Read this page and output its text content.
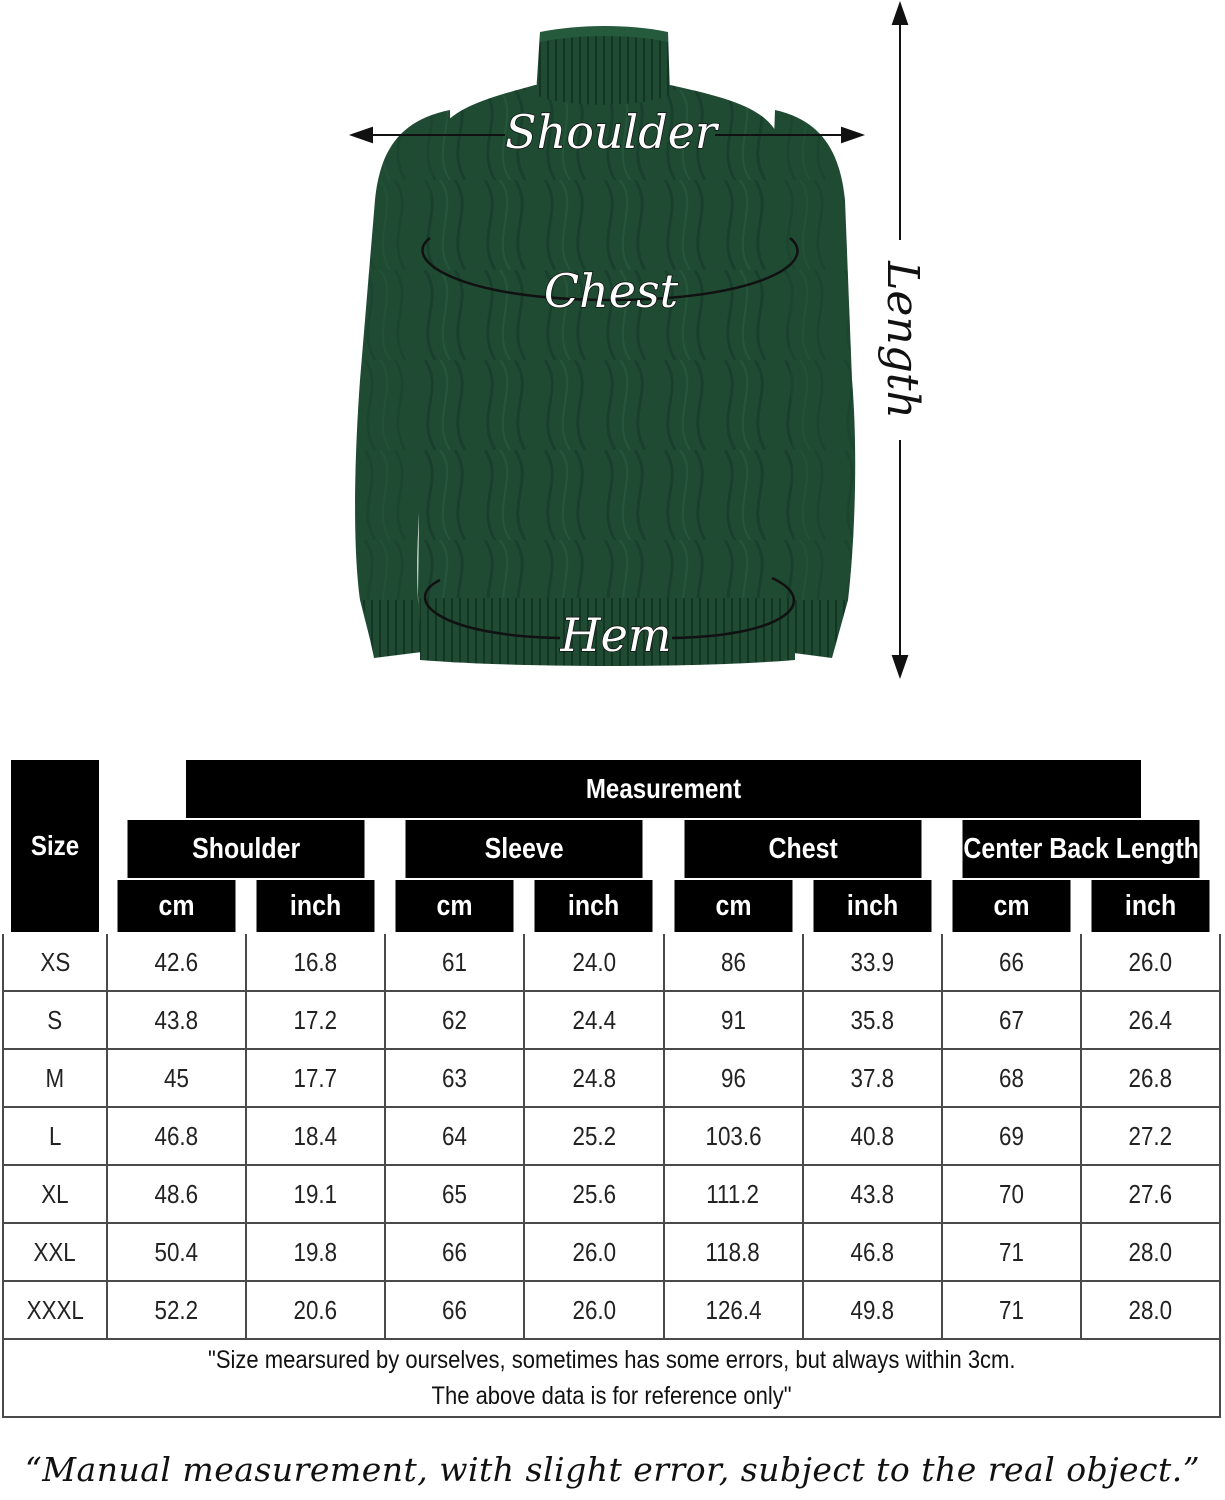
Shoulder
Chest
Hem
Length
Size	Measurement							
	Shoulder		Sleeve		Chest		Center Back Length	
	cm	inch	cm	inch	cm	inch	cm	inch
XS	42.6	16.8	61	24.0	86	33.9	66	26.0
S	43.8	17.2	62	24.4	91	35.8	67	26.4
M	45	17.7	63	24.8	96	37.8	68	26.8
L	46.8	18.4	64	25.2	103.6	40.8	69	27.2
XL	48.6	19.1	65	25.6	111.2	43.8	70	27.6
XXL	50.4	19.8	66	26.0	118.8	46.8	71	28.0
XXXL	52.2	20.6	66	26.0	126.4	49.8	71	28.0
"Size mearsured by ourselves, sometimes has some errors, but always within 3cm.
The above data is for reference only"								
“Manual measurement, with slight error, subject to the real object.”
